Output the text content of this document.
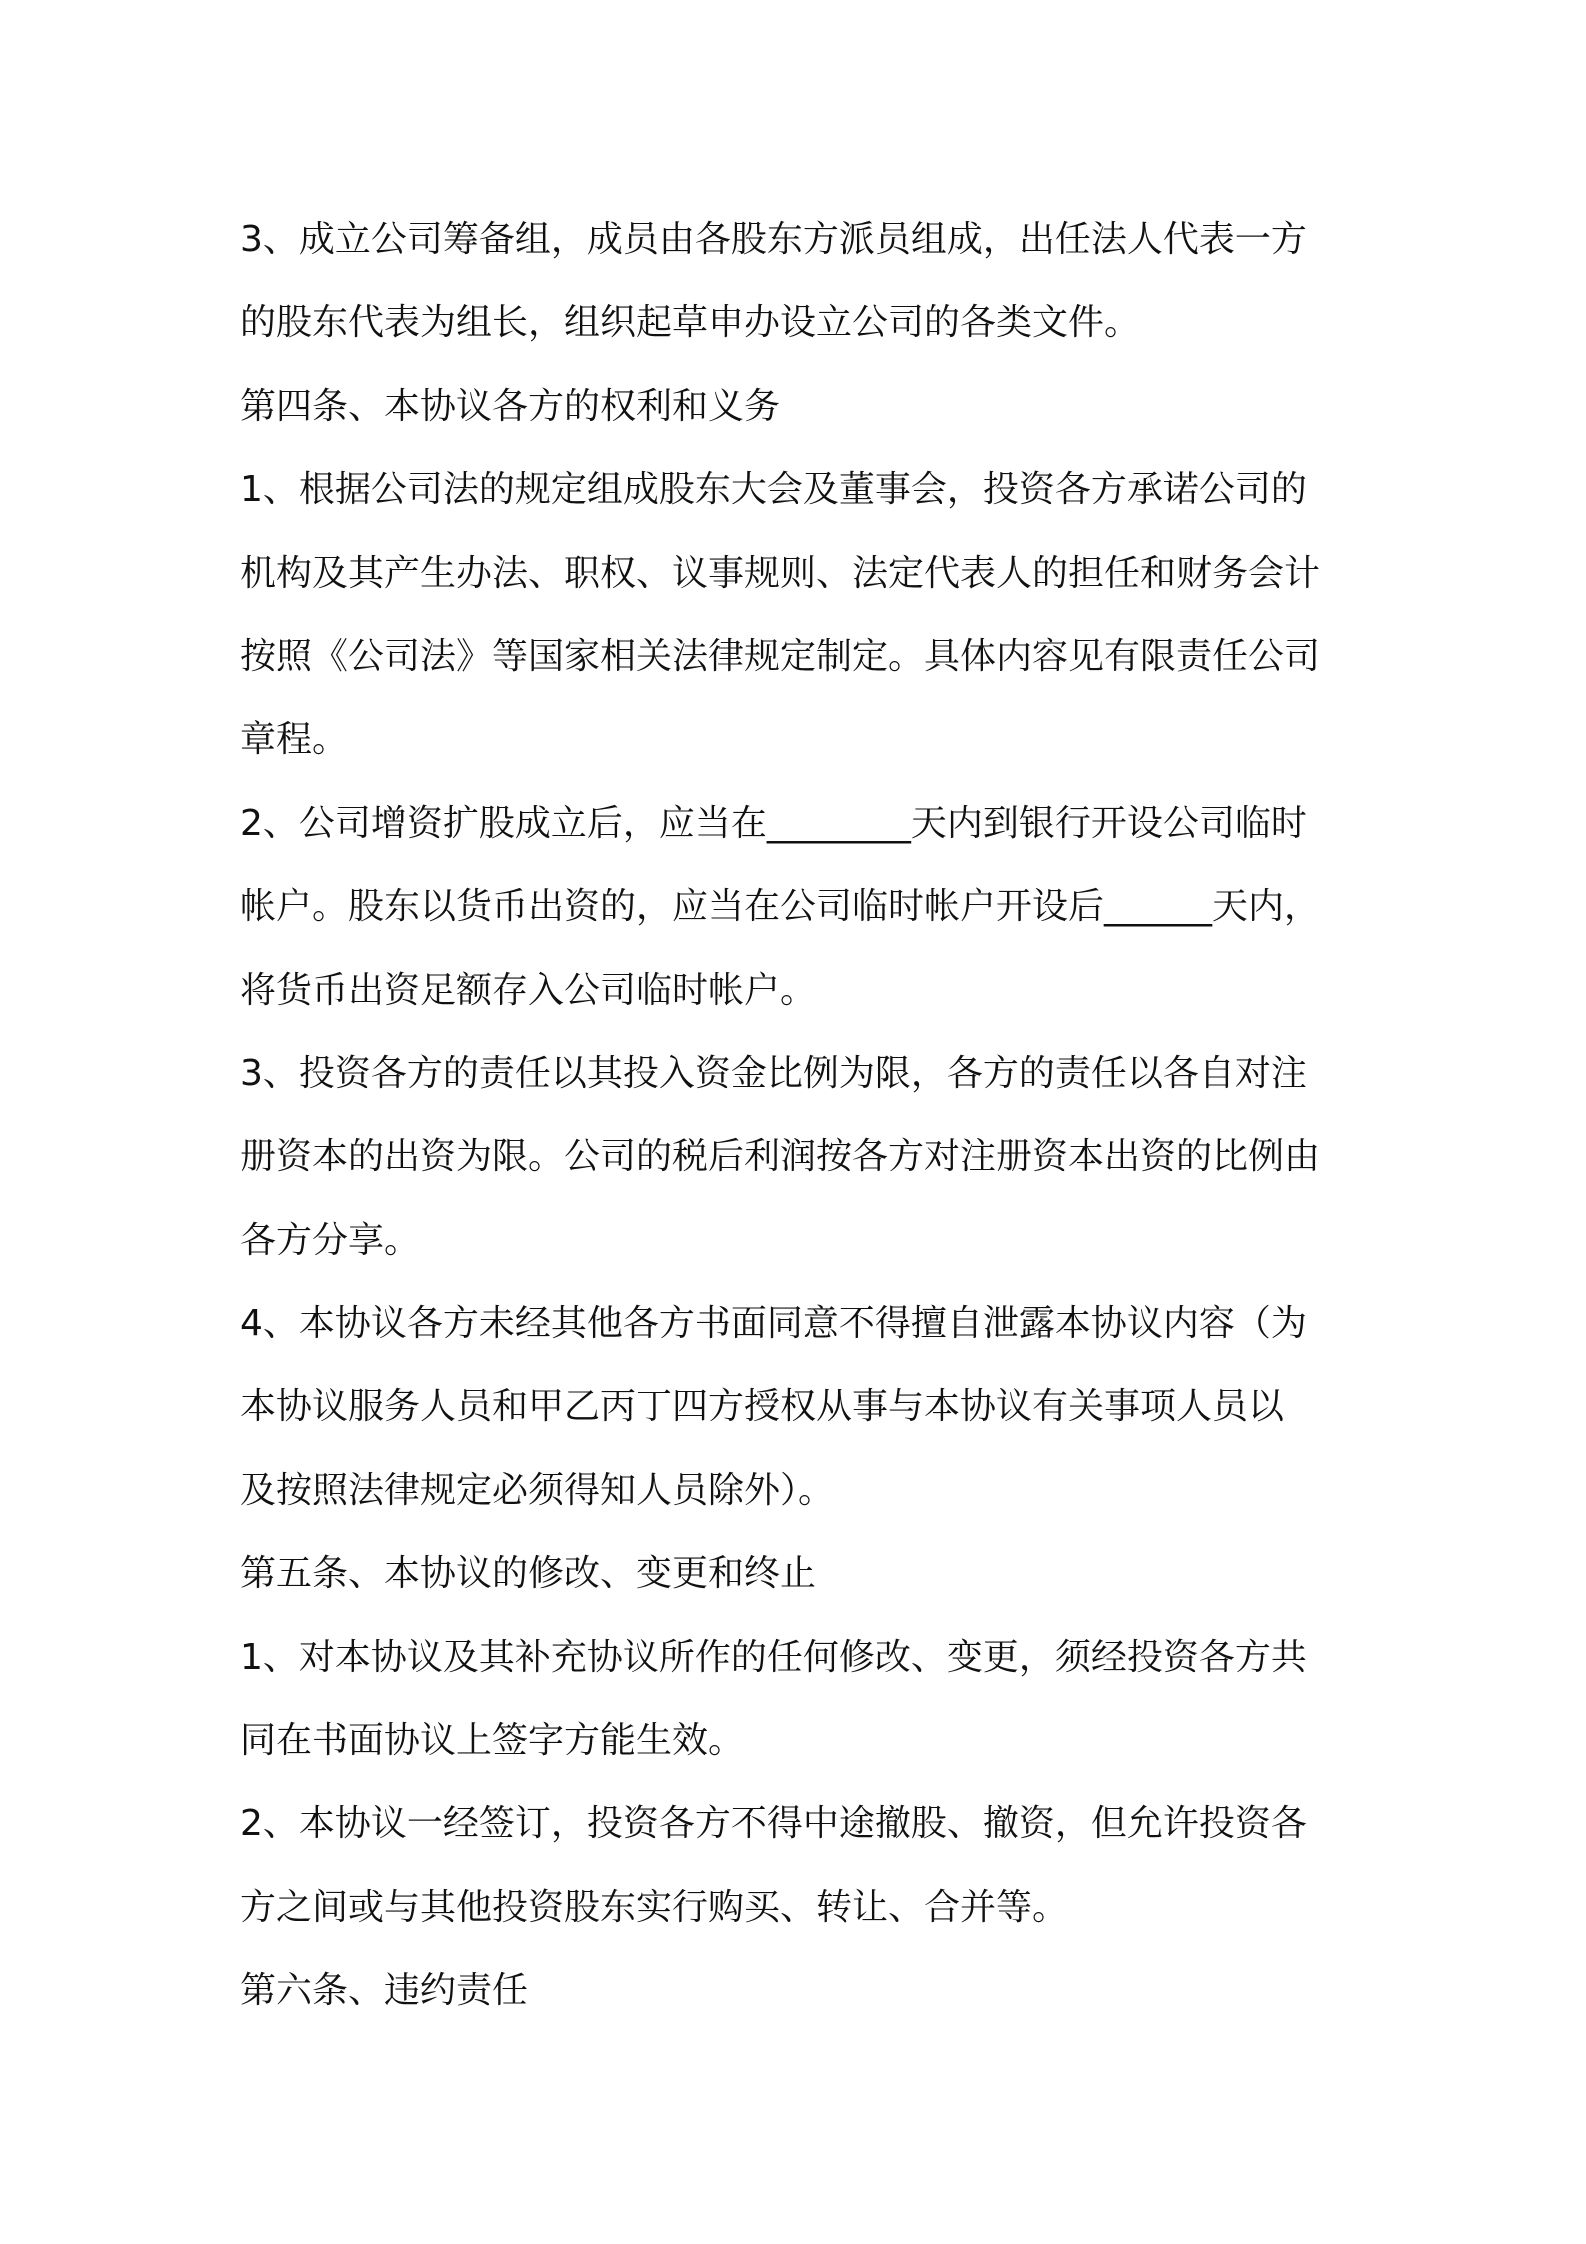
3、成立公司筹备组，成员由各股东方派员组成，出任法人代表一方
的股东代表为组长，组织起草申办设立公司的各类文件。
第四条、本协议各方的权利和义务
1、根据公司法的规定组成股东大会及董事会，投资各方承诺公司的
机构及其产生办法、职权、议事规则、法定代表人的担任和财务会计
按照《公司法》等国家相关法律规定制定。具体内容见有限责任公司
章程。
2、公司增资扩股成立后，应当在________天内到银行开设公司临时
帐户。股东以货币出资的，应当在公司临时帐户开设后______天内，
将货币出资足额存入公司临时帐户。
3、投资各方的责任以其投入资金比例为限，各方的责任以各自对注
册资本的出资为限。公司的税后利润按各方对注册资本出资的比例由
各方分享。
4、本协议各方未经其他各方书面同意不得擅自泄露本协议内容（为
本协议服务人员和甲乙丙丁四方授权从事与本协议有关事项人员以
及按照法律规定必须得知人员除外）。
第五条、本协议的修改、变更和终止
1、对本协议及其补充协议所作的任何修改、变更，须经投资各方共
同在书面协议上签字方能生效。
2、本协议一经签订，投资各方不得中途撤股、撤资，但允许投资各
方之间或与其他投资股东实行购买、转让、合并等。
第六条、违约责任
